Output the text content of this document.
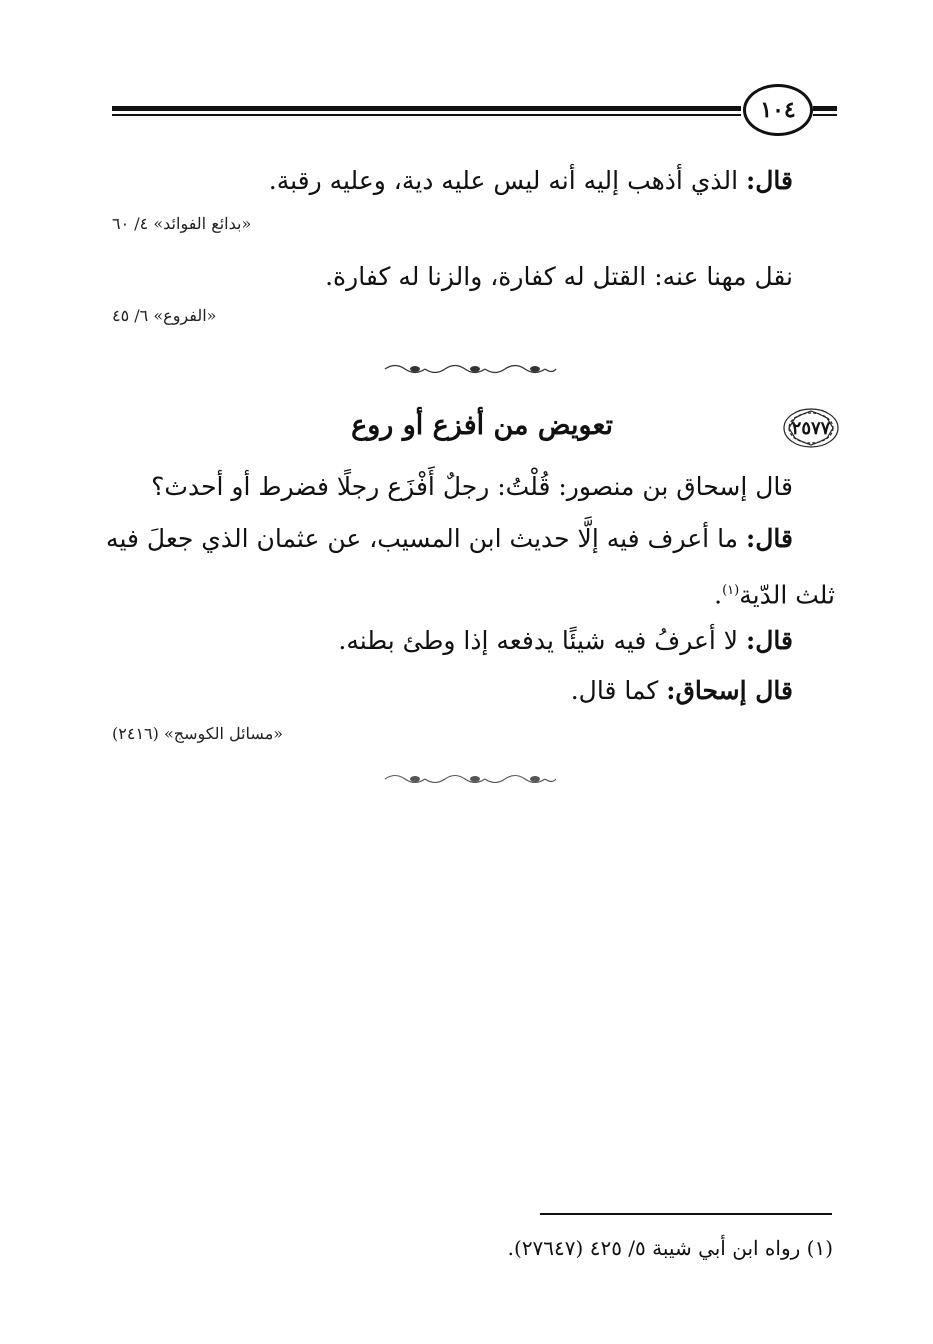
١٠٤
قال: الذي أذهب إليه أنه ليس عليه دية، وعليه رقبة.
«بدائع الفوائد» ٤/ ٦٠
نقل مهنا عنه: القتل له كفارة، والزنا له كفارة.
«الفروع» ٦/ ٤٥
٢٥٧٧
تعويض من أفزع أو روع
قال إسحاق بن منصور: قُلْتُ: رجلٌ أَفْزَع رجلًا فضرط أو أحدث؟
قال: ما أعرف فيه إلَّا حديث ابن المسيب، عن عثمان الذي جعلَ فيه
ثلث الدّية$^{(١)}$.
قال: لا أعرفُ فيه شيئًا يدفعه إذا وطئ بطنه.
قال إسحاق: كما قال.
«مسائل الكوسج» (٢٤١٦)
(١) رواه ابن أبي شيبة ٥/ ٤٢٥ (٢٧٦٤٧).
